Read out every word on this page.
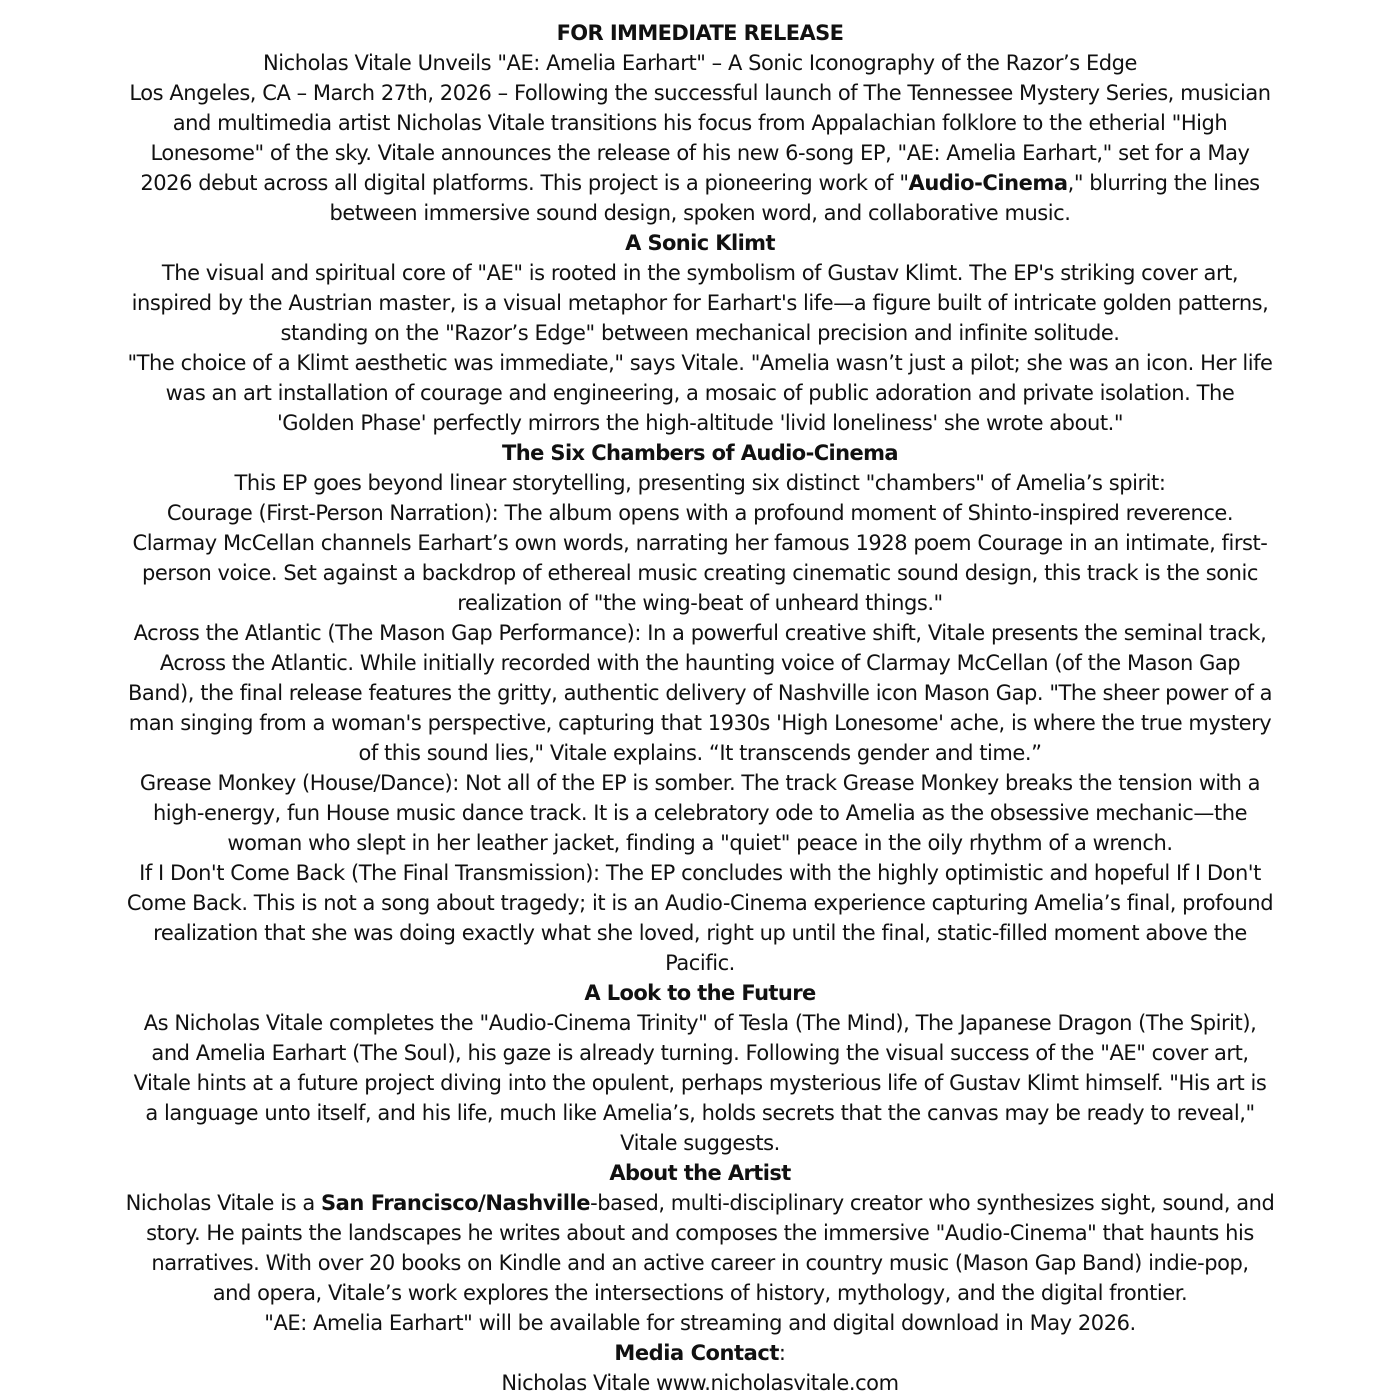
FOR IMMEDIATE RELEASE
Nicholas Vitale Unveils "AE: Amelia Earhart" – A Sonic Iconography of the Razor’s Edge
Los Angeles, CA – March 27th, 2026 – Following the successful launch of The Tennessee Mystery Series, musician
and multimedia artist Nicholas Vitale transitions his focus from Appalachian folklore to the etherial "High
Lonesome" of the sky. Vitale announces the release of his new 6-song EP, "AE: Amelia Earhart," set for a May
2026 debut across all digital platforms. This project is a pioneering work of "Audio-Cinema," blurring the lines
between immersive sound design, spoken word, and collaborative music.
A Sonic Klimt
The visual and spiritual core of "AE" is rooted in the symbolism of Gustav Klimt. The EP's striking cover art,
inspired by the Austrian master, is a visual metaphor for Earhart's life—a figure built of intricate golden patterns,
standing on the "Razor’s Edge" between mechanical precision and infinite solitude.
"The choice of a Klimt aesthetic was immediate," says Vitale. "Amelia wasn’t just a pilot; she was an icon. Her life
was an art installation of courage and engineering, a mosaic of public adoration and private isolation. The
'Golden Phase' perfectly mirrors the high-altitude 'livid loneliness' she wrote about."
The Six Chambers of Audio-Cinema
This EP goes beyond linear storytelling, presenting six distinct "chambers" of Amelia’s spirit:
Courage (First-Person Narration): The album opens with a profound moment of Shinto-inspired reverence.
Clarmay McCellan channels Earhart’s own words, narrating her famous 1928 poem Courage in an intimate, first-
person voice. Set against a backdrop of ethereal music creating cinematic sound design, this track is the sonic
realization of "the wing-beat of unheard things."
Across the Atlantic (The Mason Gap Performance): In a powerful creative shift, Vitale presents the seminal track,
Across the Atlantic. While initially recorded with the haunting voice of Clarmay McCellan (of the Mason Gap
Band), the final release features the gritty, authentic delivery of Nashville icon Mason Gap. "The sheer power of a
man singing from a woman's perspective, capturing that 1930s 'High Lonesome' ache, is where the true mystery
of this sound lies," Vitale explains. “It transcends gender and time.”
Grease Monkey (House/Dance): Not all of the EP is somber. The track Grease Monkey breaks the tension with a
high-energy, fun House music dance track. It is a celebratory ode to Amelia as the obsessive mechanic—the
woman who slept in her leather jacket, finding a "quiet" peace in the oily rhythm of a wrench.
If I Don't Come Back (The Final Transmission): The EP concludes with the highly optimistic and hopeful If I Don't
Come Back. This is not a song about tragedy; it is an Audio-Cinema experience capturing Amelia’s final, profound
realization that she was doing exactly what she loved, right up until the final, static-filled moment above the
Pacific.
A Look to the Future
As Nicholas Vitale completes the "Audio-Cinema Trinity" of Tesla (The Mind), The Japanese Dragon (The Spirit),
and Amelia Earhart (The Soul), his gaze is already turning. Following the visual success of the "AE" cover art,
Vitale hints at a future project diving into the opulent, perhaps mysterious life of Gustav Klimt himself. "His art is
a language unto itself, and his life, much like Amelia’s, holds secrets that the canvas may be ready to reveal,"
Vitale suggests.
About the Artist
Nicholas Vitale is a San Francisco/Nashville-based, multi-disciplinary creator who synthesizes sight, sound, and
story. He paints the landscapes he writes about and composes the immersive "Audio-Cinema" that haunts his
narratives. With over 20 books on Kindle and an active career in country music (Mason Gap Band) indie-pop,
and opera, Vitale’s work explores the intersections of history, mythology, and the digital frontier.
"AE: Amelia Earhart" will be available for streaming and digital download in May 2026.
Media Contact:
Nicholas Vitale www.nicholasvitale.com
